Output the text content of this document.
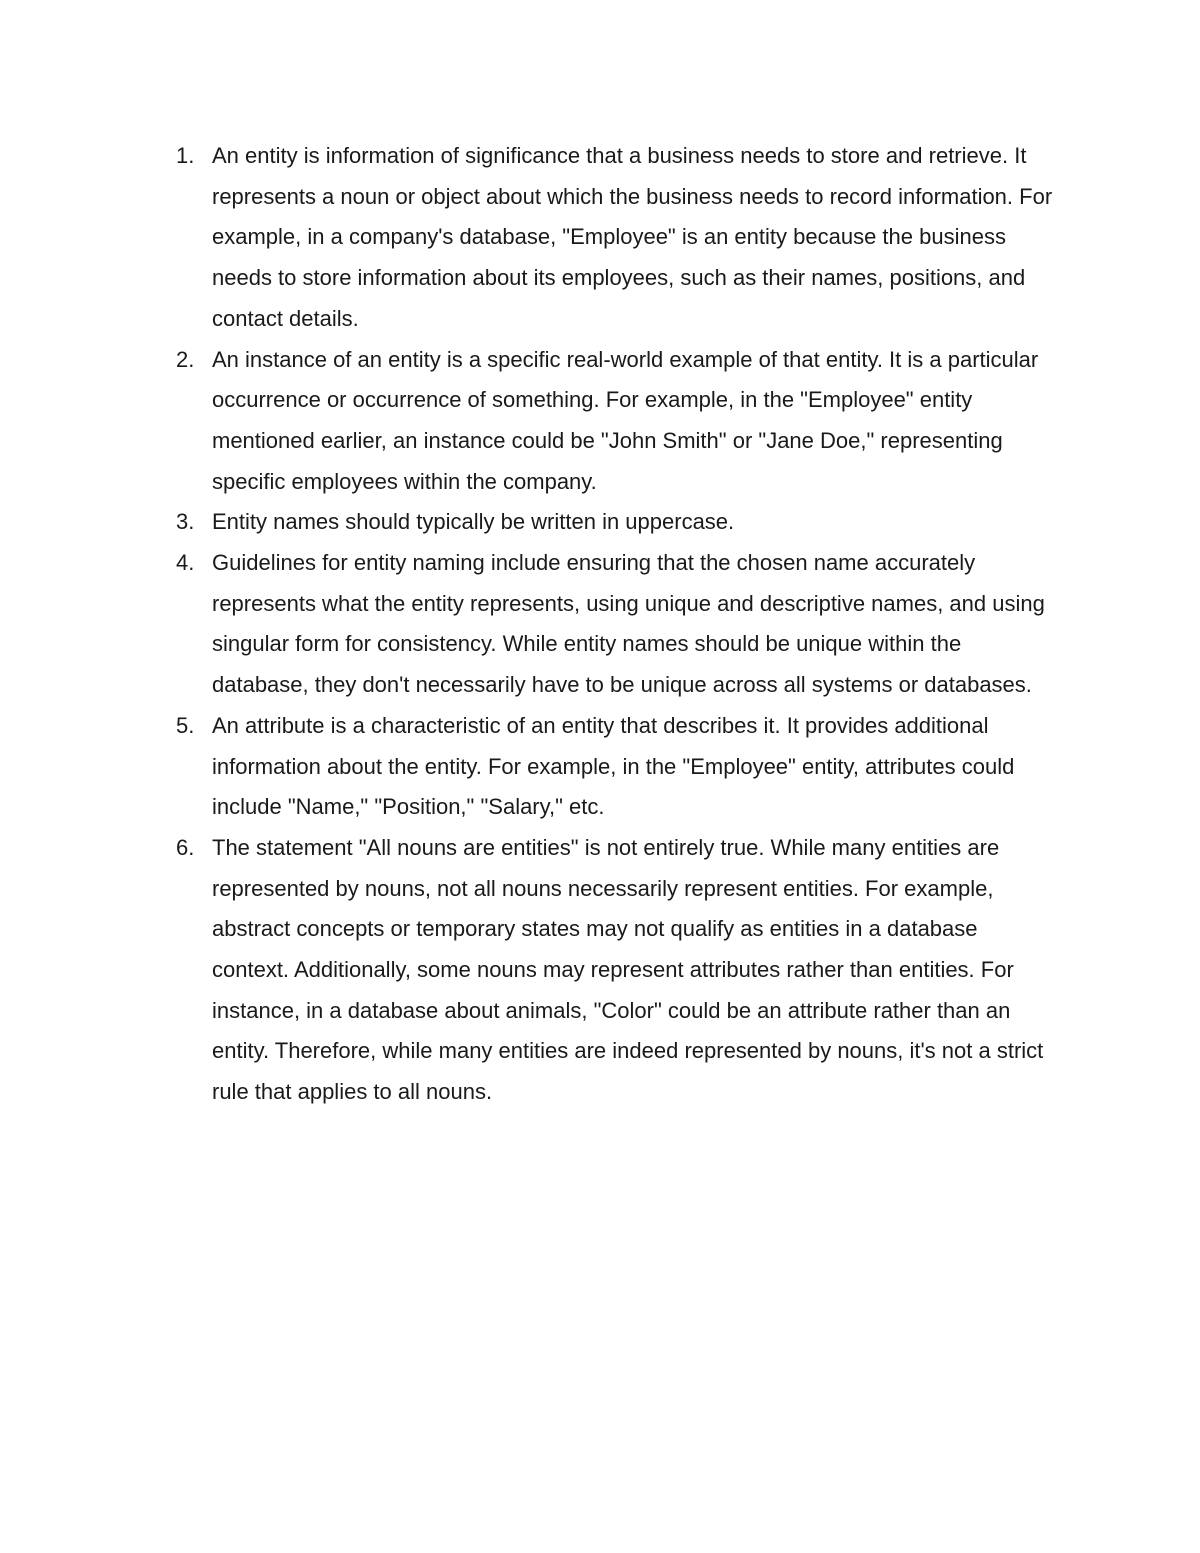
1. An entity is information of significance that a business needs to store and retrieve. It represents a noun or object about which the business needs to record information. For example, in a company's database, "Employee" is an entity because the business needs to store information about its employees, such as their names, positions, and contact details.
2. An instance of an entity is a specific real-world example of that entity. It is a particular occurrence or occurrence of something. For example, in the "Employee" entity mentioned earlier, an instance could be "John Smith" or "Jane Doe," representing specific employees within the company.
3. Entity names should typically be written in uppercase.
4. Guidelines for entity naming include ensuring that the chosen name accurately represents what the entity represents, using unique and descriptive names, and using singular form for consistency. While entity names should be unique within the database, they don't necessarily have to be unique across all systems or databases.
5. An attribute is a characteristic of an entity that describes it. It provides additional information about the entity. For example, in the "Employee" entity, attributes could include "Name," "Position," "Salary," etc.
6. The statement "All nouns are entities" is not entirely true. While many entities are represented by nouns, not all nouns necessarily represent entities. For example, abstract concepts or temporary states may not qualify as entities in a database context. Additionally, some nouns may represent attributes rather than entities. For instance, in a database about animals, "Color" could be an attribute rather than an entity. Therefore, while many entities are indeed represented by nouns, it's not a strict rule that applies to all nouns.
